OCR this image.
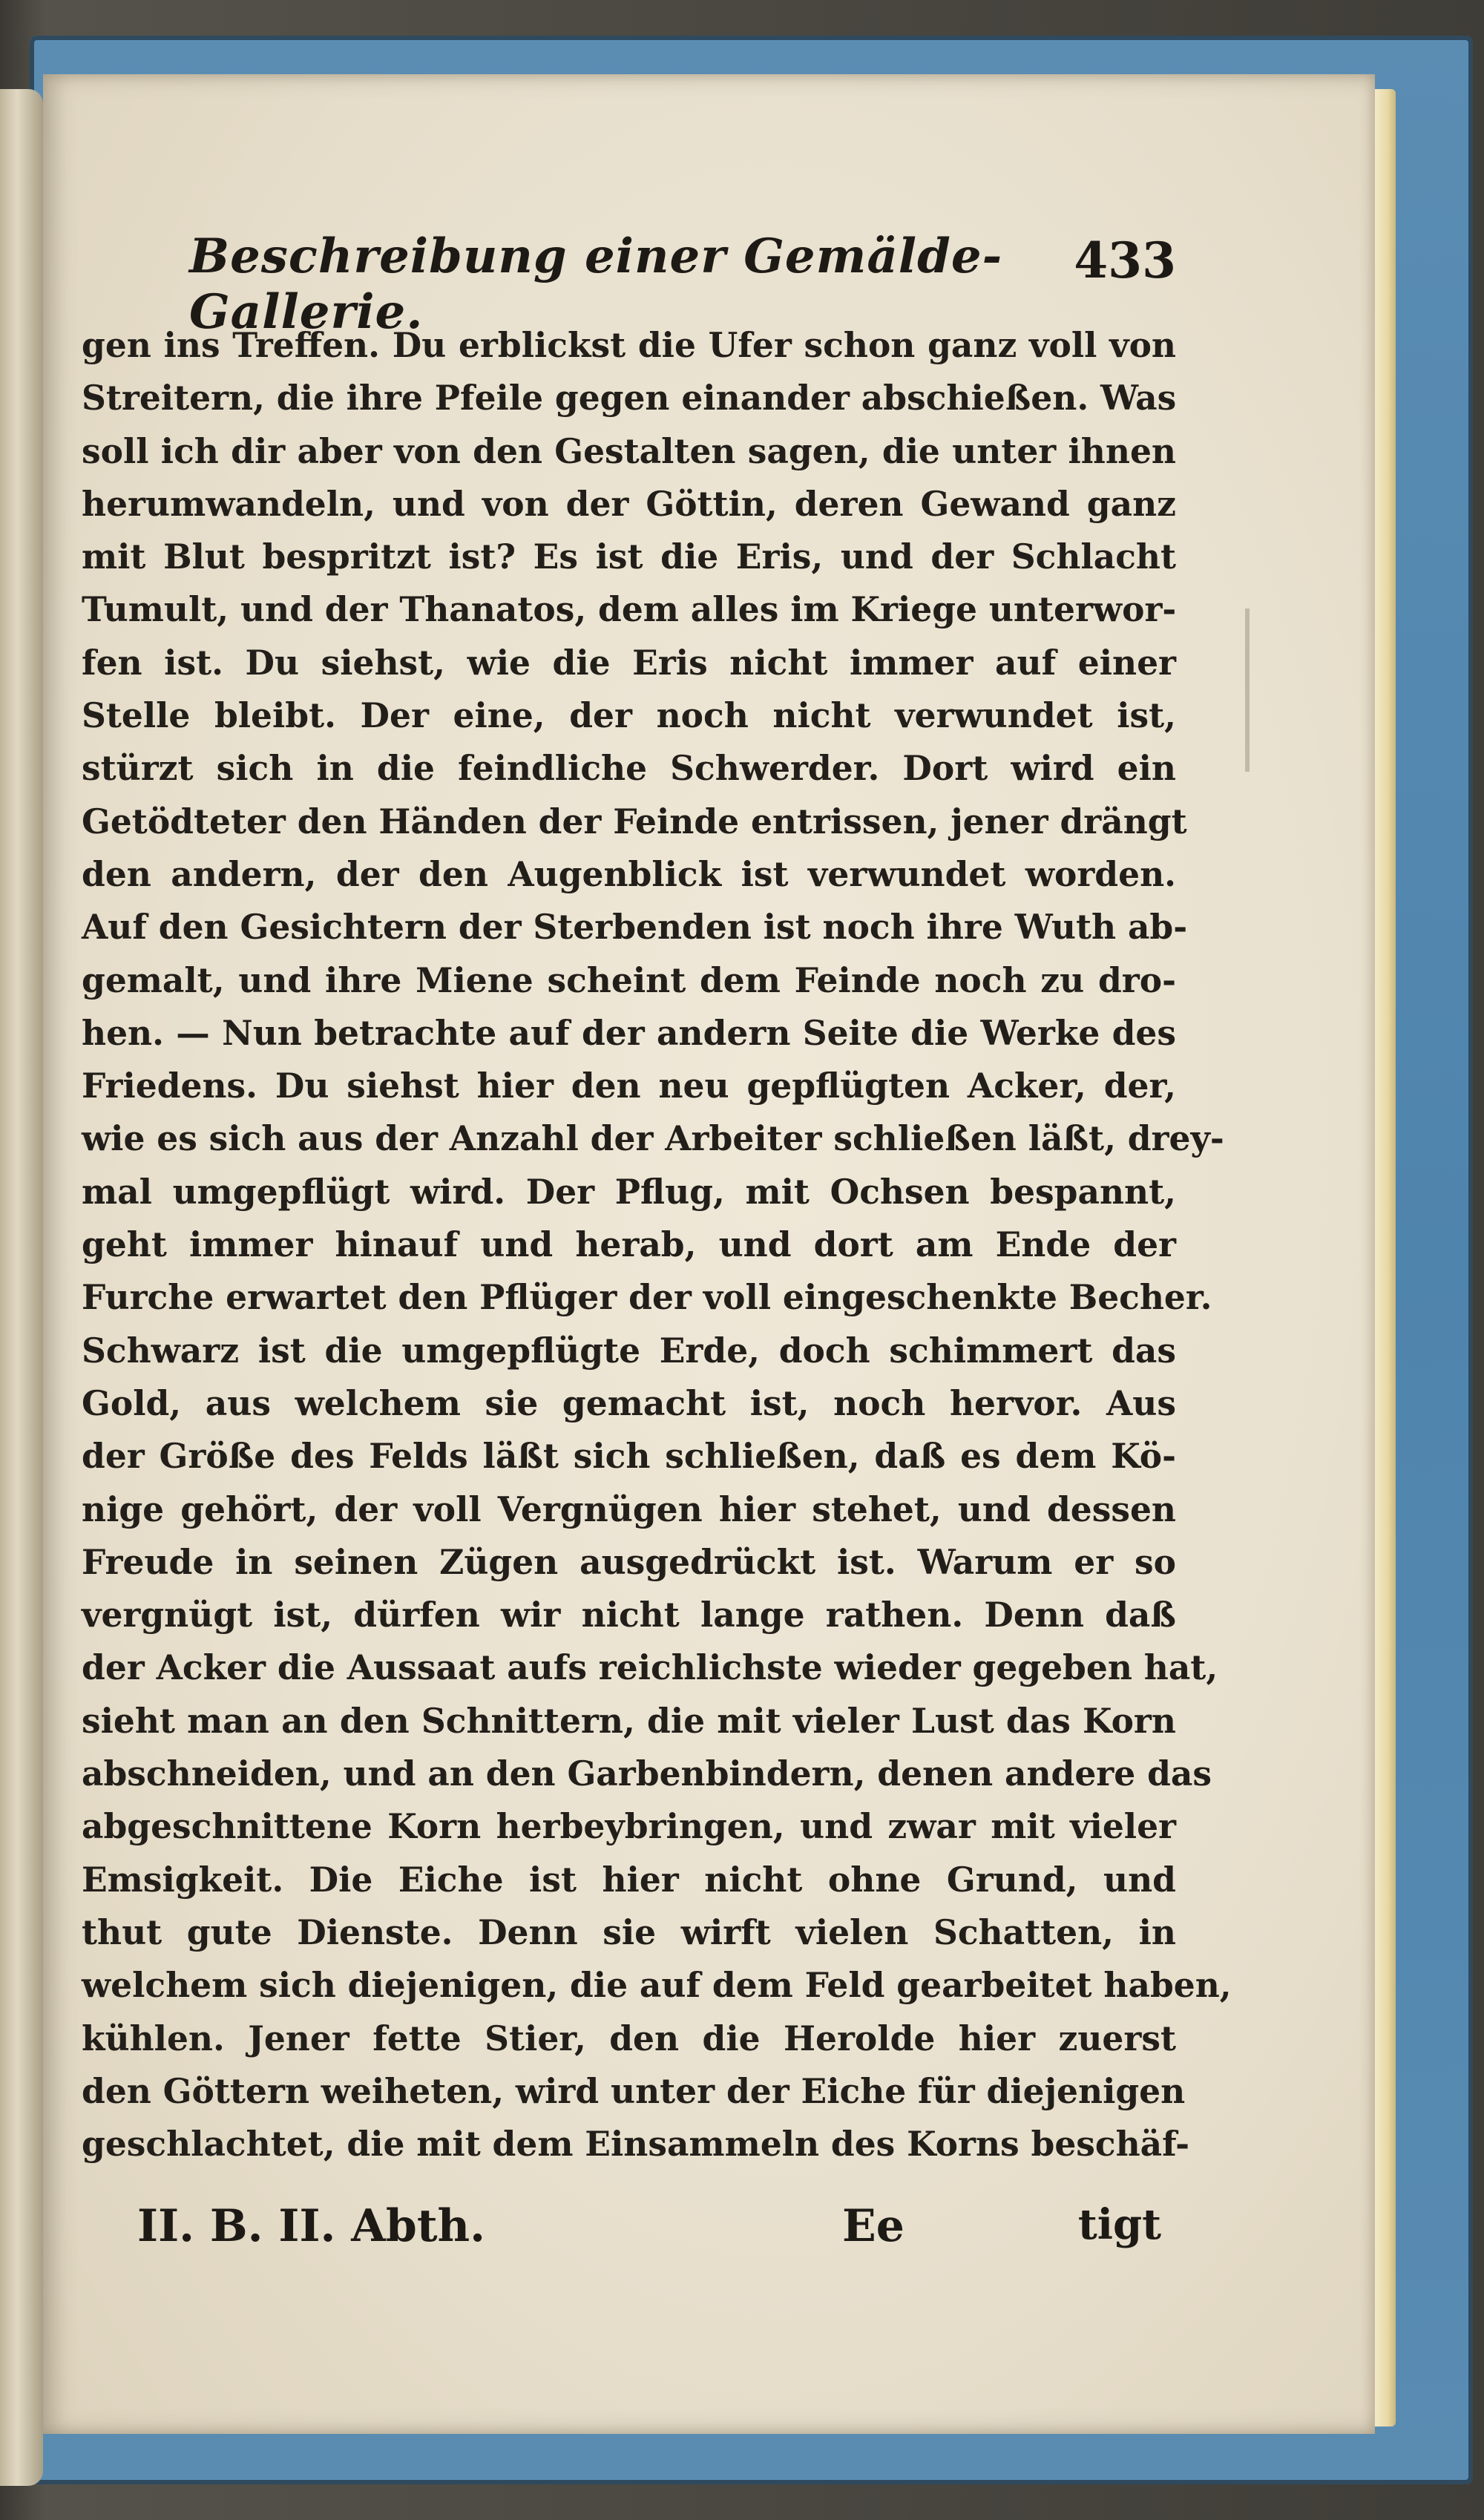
Beschreibung einer Gemälde-Gallerie.
433
gen ins Treffen. Du erblickst die Ufer schon ganz voll von
Streitern, die ihre Pfeile gegen einander abschießen. Was
soll ich dir aber von den Gestalten sagen, die unter ihnen
herumwandeln, und von der Göttin, deren Gewand ganz
mit Blut bespritzt ist? Es ist die Eris, und der Schlacht
Tumult, und der Thanatos, dem alles im Kriege unterwor-
fen ist. Du siehst, wie die Eris nicht immer auf einer
Stelle bleibt. Der eine, der noch nicht verwundet ist,
stürzt sich in die feindliche Schwerder. Dort wird ein
Getödteter den Händen der Feinde entrissen, jener drängt
den andern, der den Augenblick ist verwundet worden.
Auf den Gesichtern der Sterbenden ist noch ihre Wuth ab-
gemalt, und ihre Miene scheint dem Feinde noch zu dro-
hen. — Nun betrachte auf der andern Seite die Werke des
Friedens. Du siehst hier den neu gepflügten Acker, der,
wie es sich aus der Anzahl der Arbeiter schließen läßt, drey-
mal umgepflügt wird. Der Pflug, mit Ochsen bespannt,
geht immer hinauf und herab, und dort am Ende der
Furche erwartet den Pflüger der voll eingeschenkte Becher.
Schwarz ist die umgepflügte Erde, doch schimmert das
Gold, aus welchem sie gemacht ist, noch hervor. Aus
der Größe des Felds läßt sich schließen, daß es dem Kö-
nige gehört, der voll Vergnügen hier stehet, und dessen
Freude in seinen Zügen ausgedrückt ist. Warum er so
vergnügt ist, dürfen wir nicht lange rathen. Denn daß
der Acker die Aussaat aufs reichlichste wieder gegeben hat,
sieht man an den Schnittern, die mit vieler Lust das Korn
abschneiden, und an den Garbenbindern, denen andere das
abgeschnittene Korn herbeybringen, und zwar mit vieler
Emsigkeit. Die Eiche ist hier nicht ohne Grund, und
thut gute Dienste. Denn sie wirft vielen Schatten, in
welchem sich diejenigen, die auf dem Feld gearbeitet haben,
kühlen. Jener fette Stier, den die Herolde hier zuerst
den Göttern weiheten, wird unter der Eiche für diejenigen
geschlachtet, die mit dem Einsammeln des Korns beschäf-
II. B. II. Abth.	Ee	tigt
